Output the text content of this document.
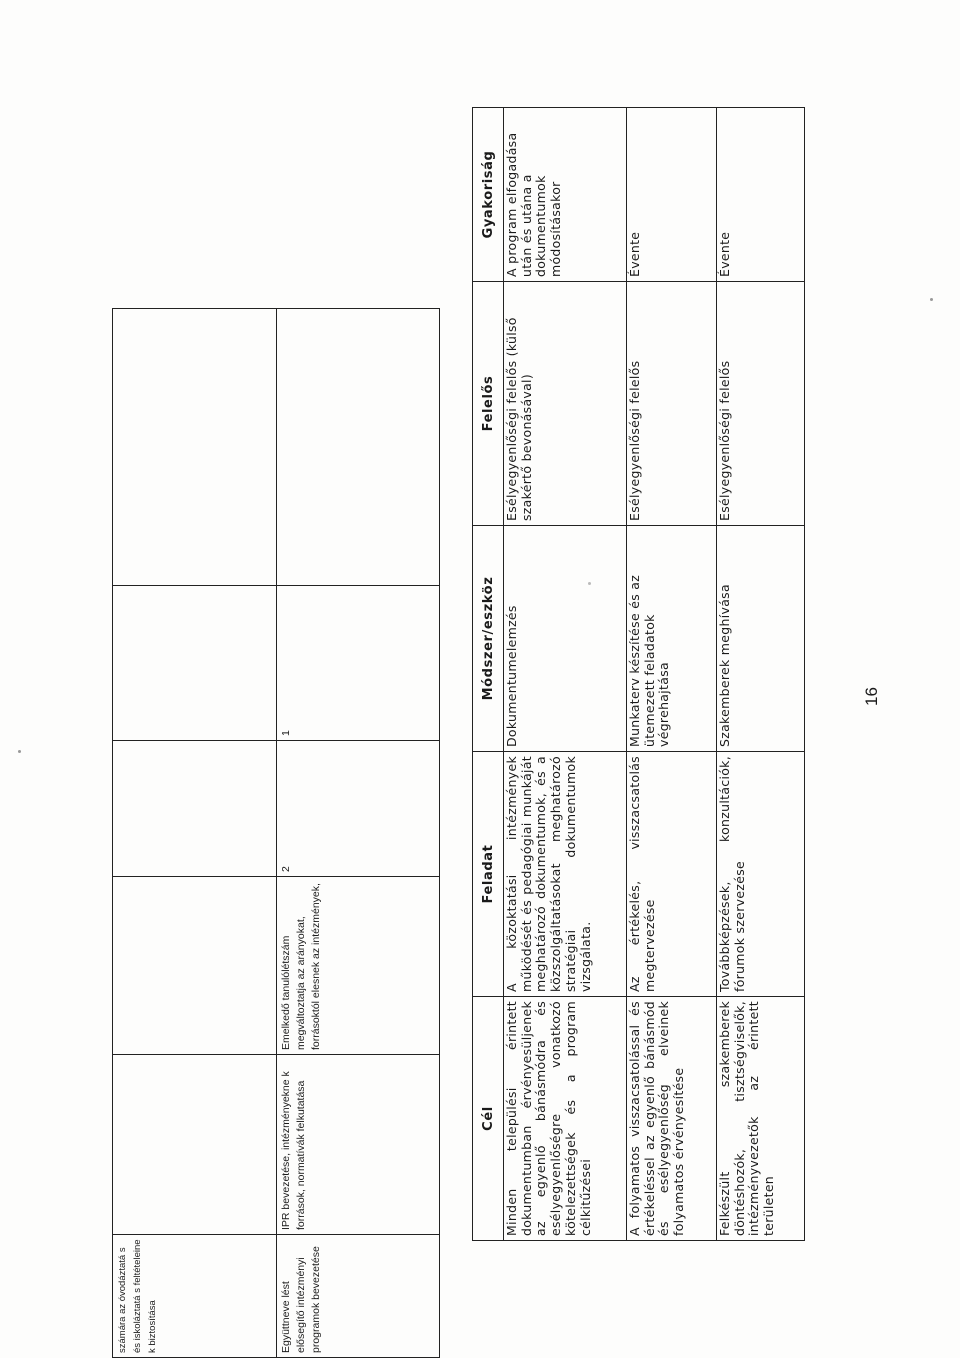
számára az óvodáztatá s és iskoláztatá s feltételeine k biztosítása					
Együttneve lést elősegítő intézményi programok bevezetése	IPR bevezetése, intézményekne k források, normatívák felkutatása	Emelkedő tanulólétszám megváltoztatja az arányokat, forrásoktól elesnek az intézmények,	2	1	
Cél	Feladat	Módszer/eszköz	Felelős	Gyakoriság
Minden települési érintett dokumentumban érvényesüljenek az egyenlő bánásmódra és esélyegyenlőségre vonatkozó kötelezettségek és a program célkitűzései	A közoktatási intézmények működését és pedagógiai munkáját meghatározó dokumentumok, és a közszolgáltatásokat meghatározó stratégiai dokumentumok vizsgálata.	Dokumentumelemzés	Esélyegyenlőségi felelős (külső szakértő bevonásával)	A program elfogadása után és utána a dokumentumok módosításakor
A folyamatos visszacsatolással és értékeléssel az egyenlő bánásmód és esélyegyenlőség elveinek folyamatos érvényesítése	Az értékelés, visszacsatolás megtervezése	Munkaterv készítése és az ütemezett feladatok végrehajtása	Esélyegyenlőségi felelős	Évente
Felkészült szakemberek döntéshozók, tisztségviselők, intézményvezetők az érintett területen	Továbbképzések, konzultációk, fórumok szervezése	Szakemberek meghívása	Esélyegyenlőségi felelős	Évente
16
